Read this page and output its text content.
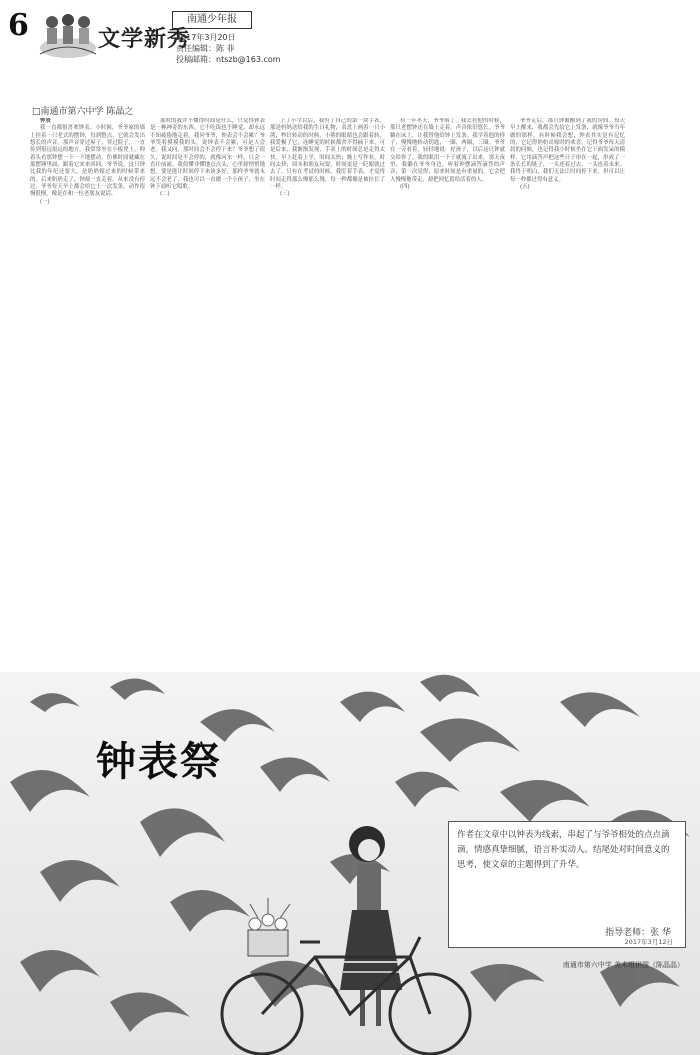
6	文学新秀
南通少年报
2017年3月20日
责任编辑：陈 菲
投稿邮箱：ntszb@163.com
□南通市第六中学 陈晶之

钟表

我一直都很喜欢钟表。小时候，爷爷家的墙上挂着一只老式的摆钟，每到整点，它就会发出悠长的声音。那声音穿过屋子，穿过院子，一直传到很远很远的地方。我常常坐在小板凳上，仰着头看那钟摆一下一下地摆动，仿佛时间就藏在那摆锤里面，跟着它来来回回。爷爷说，这只钟比我的年纪还要大，是奶奶嫁过来的时候带来的。后来奶奶走了，钟却一直走着，从来没有停过。爷爷每天早上都会给它上一次发条，动作很慢很慢，像是在和一位老朋友说话。

(一)

那时的我并不懂得时间是什么，只觉得钟表是一种神奇的东西。它不吃饭也不睡觉，却永远不知疲倦地走着。我问爷爷，钟表会不会累？爷爷笑着摸摸我的头，说钟表不会累，可是人会老。我又问，那时间会不会停下来？爷爷想了很久，说时间是不会停的，就像河水一样，只会一直往前流。我似懂非懂地点点头，心里却悄悄地想，要是能让时间停下来该多好，那样爷爷就永远不会老了，我也可以一直做一个小孩子，坐在钟下面听它唱歌。

(二)

上了小学以后，我有了自己的第一块手表。那是妈妈送给我的生日礼物，表盘上画着一只小熊，秒针转动的时候，小熊的眼睛也会跟着转。我爱极了它，连睡觉的时候都舍不得摘下来。可是后来，我渐渐发现，手表上的时间总是走得太快。早上赶着上学，时间太快；晚上写作业，时间太快；周末和朋友玩耍，时间更是一眨眼就过去了。只有在考试的时候，我盯着手表，才觉得时间走得那么慢那么慢，每一秒都像是被拉长了一样。

(三)

有一年冬天，爷爷病了。我去看他的时候，那只老摆钟还在墙上走着，声音依旧悠长。爷爷躺在床上，让我替他给钟上发条。我学着他的样子，慢慢地转动钥匙，一圈，两圈，三圈。爷爷在一旁看着，轻轻地说：好孩子，以后这只钟就交给你了。我的眼泪一下子就流了出来。那天夜里，我躺在爷爷身边，听着钟摆滴答滴答的声音，第一次觉得，原来时间是有重量的，它会把人慢慢地带走，却把回忆留给活着的人。

(四)

爷爷走后，那只钟被搬到了我的房间。每天早上醒来，我都会先给它上发条，就像爷爷当年做的那样。有时候我会想，钟表其实是有记忆的，它记得奶奶出嫁时的欢喜，记得爷爷每天清晨的问候，也记得我小时候坐在它下面发呆的模样。它用滴答声把这些日子串在一起，串成了一条长长的链子，一头连着过去，一头连着未来。我终于明白，我们无法让时间停下来，但可以让每一秒都过得有意义。

(五)

钟表祭
作者在文章中以钟表为线索，串起了与爷爷相处的点点滴滴，情感真挚细腻，语言朴实动人。结尾处对时间意义的思考，使文章的主题得到了升华。
指导老师：张 华
2017年3月12日
南通市第六中学 美术组供图（陈晶晶）
